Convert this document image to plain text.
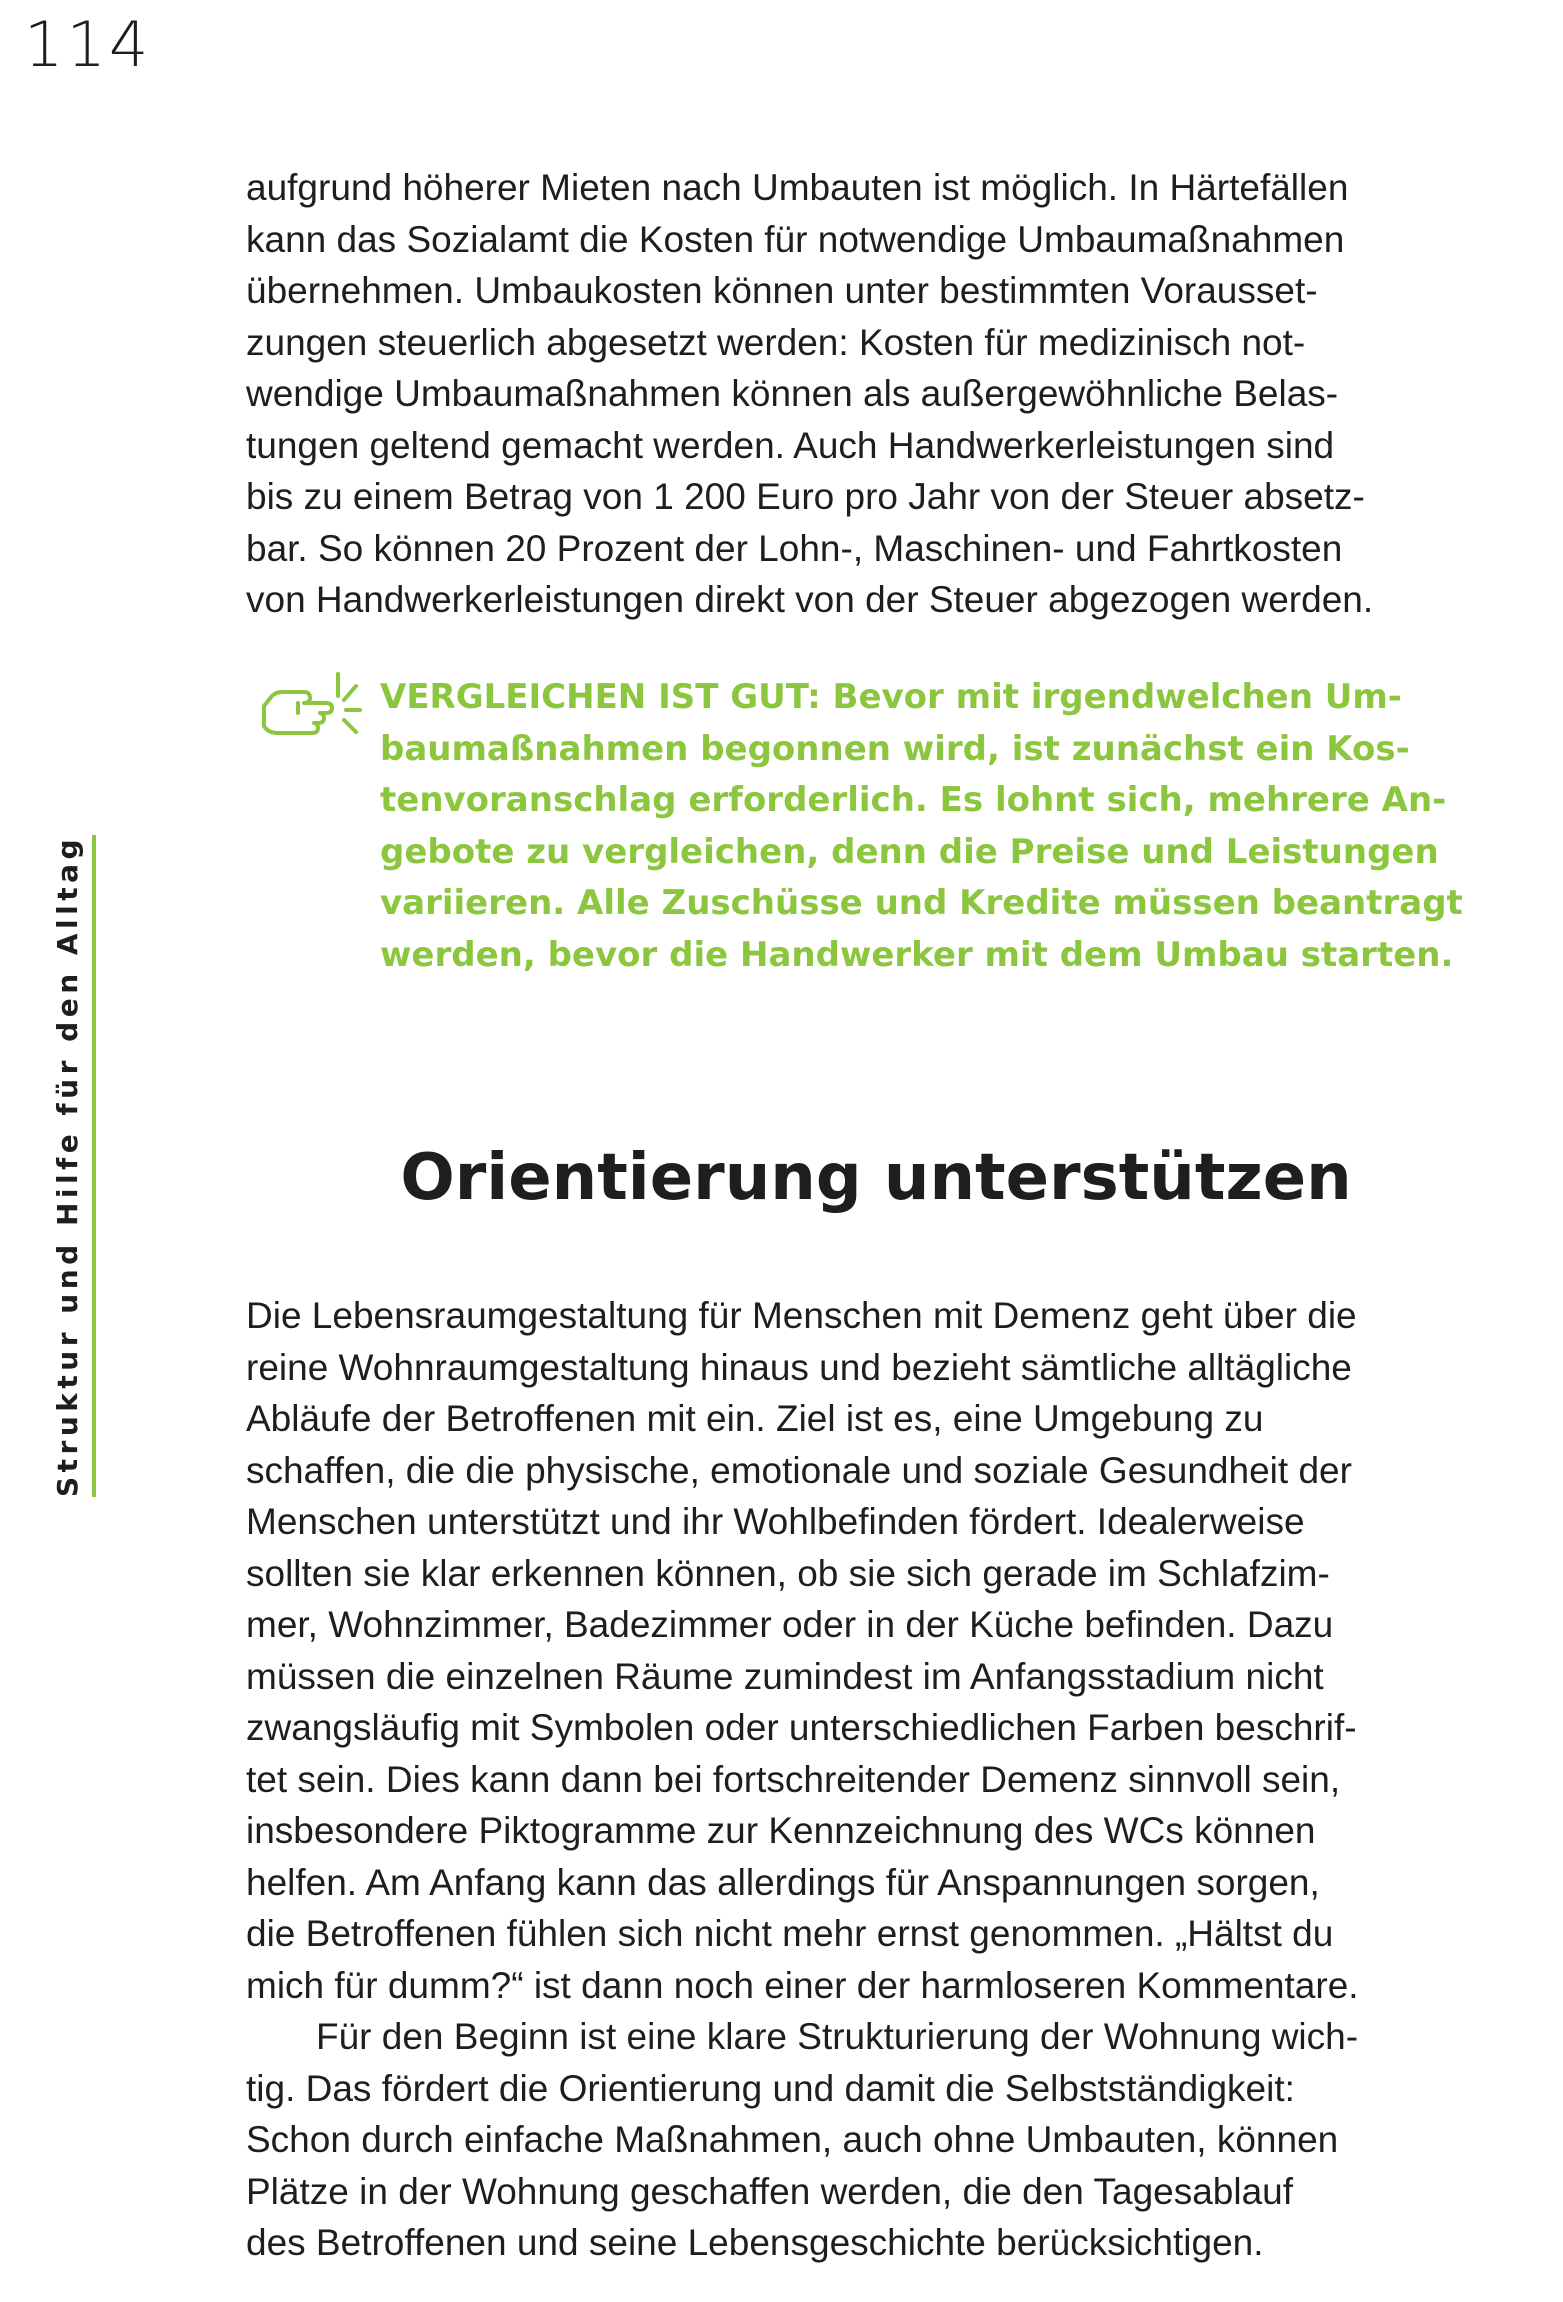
114
Struktur und Hilfe für den Alltag
aufgrund höherer Mieten nach Umbauten ist möglich. In Härtefällen
kann das Sozialamt die Kosten für notwendige Umbaumaßnahmen
übernehmen. Umbaukosten können unter bestimmten Vorausset-
zungen steuerlich abgesetzt werden: Kosten für medizinisch not-
wendige Umbaumaßnahmen können als außergewöhnliche Belas-
tungen geltend gemacht werden. Auch Handwerkerleistungen sind
bis zu einem Betrag von 1 200 Euro pro Jahr von der Steuer absetz-
bar. So können 20 Prozent der Lohn-, Maschinen- und Fahrtkosten
von Handwerkerleistungen direkt von der Steuer abgezogen werden.
VERGLEICHEN IST GUT: Bevor mit irgendwelchen Um-
baumaßnahmen begonnen wird, ist zunächst ein Kos-
tenvoranschlag erforderlich. Es lohnt sich, mehrere An-
gebote zu vergleichen, denn die Preise und Leistungen
variieren. Alle Zuschüsse und Kredite müssen beantragt
werden, bevor die Handwerker mit dem Umbau starten.
Orientierung unterstützen
Die Lebensraumgestaltung für Menschen mit Demenz geht über die
reine Wohnraumgestaltung hinaus und bezieht sämtliche alltägliche
Abläufe der Betroffenen mit ein. Ziel ist es, eine Umgebung zu
schaffen, die die physische, emotionale und soziale Gesundheit der
Menschen unterstützt und ihr Wohlbefinden fördert. Idealerweise
sollten sie klar erkennen können, ob sie sich gerade im Schlafzim-
mer, Wohnzimmer, Badezimmer oder in der Küche befinden. Dazu
müssen die einzelnen Räume zumindest im Anfangsstadium nicht
zwangsläufig mit Symbolen oder unterschiedlichen Farben beschrif-
tet sein. Dies kann dann bei fortschreitender Demenz sinnvoll sein,
insbesondere Piktogramme zur Kennzeichnung des WCs können
helfen. Am Anfang kann das allerdings für Anspannungen sorgen,
die Betroffenen fühlen sich nicht mehr ernst genommen. „Hältst du
mich für dumm?“ ist dann noch einer der harmloseren Kommentare.
Für den Beginn ist eine klare Strukturierung der Wohnung wich-
tig. Das fördert die Orientierung und damit die Selbstständigkeit:
Schon durch einfache Maßnahmen, auch ohne Umbauten, können
Plätze in der Wohnung geschaffen werden, die den Tagesablauf
des Betroffenen und seine Lebensgeschichte berücksichtigen.
